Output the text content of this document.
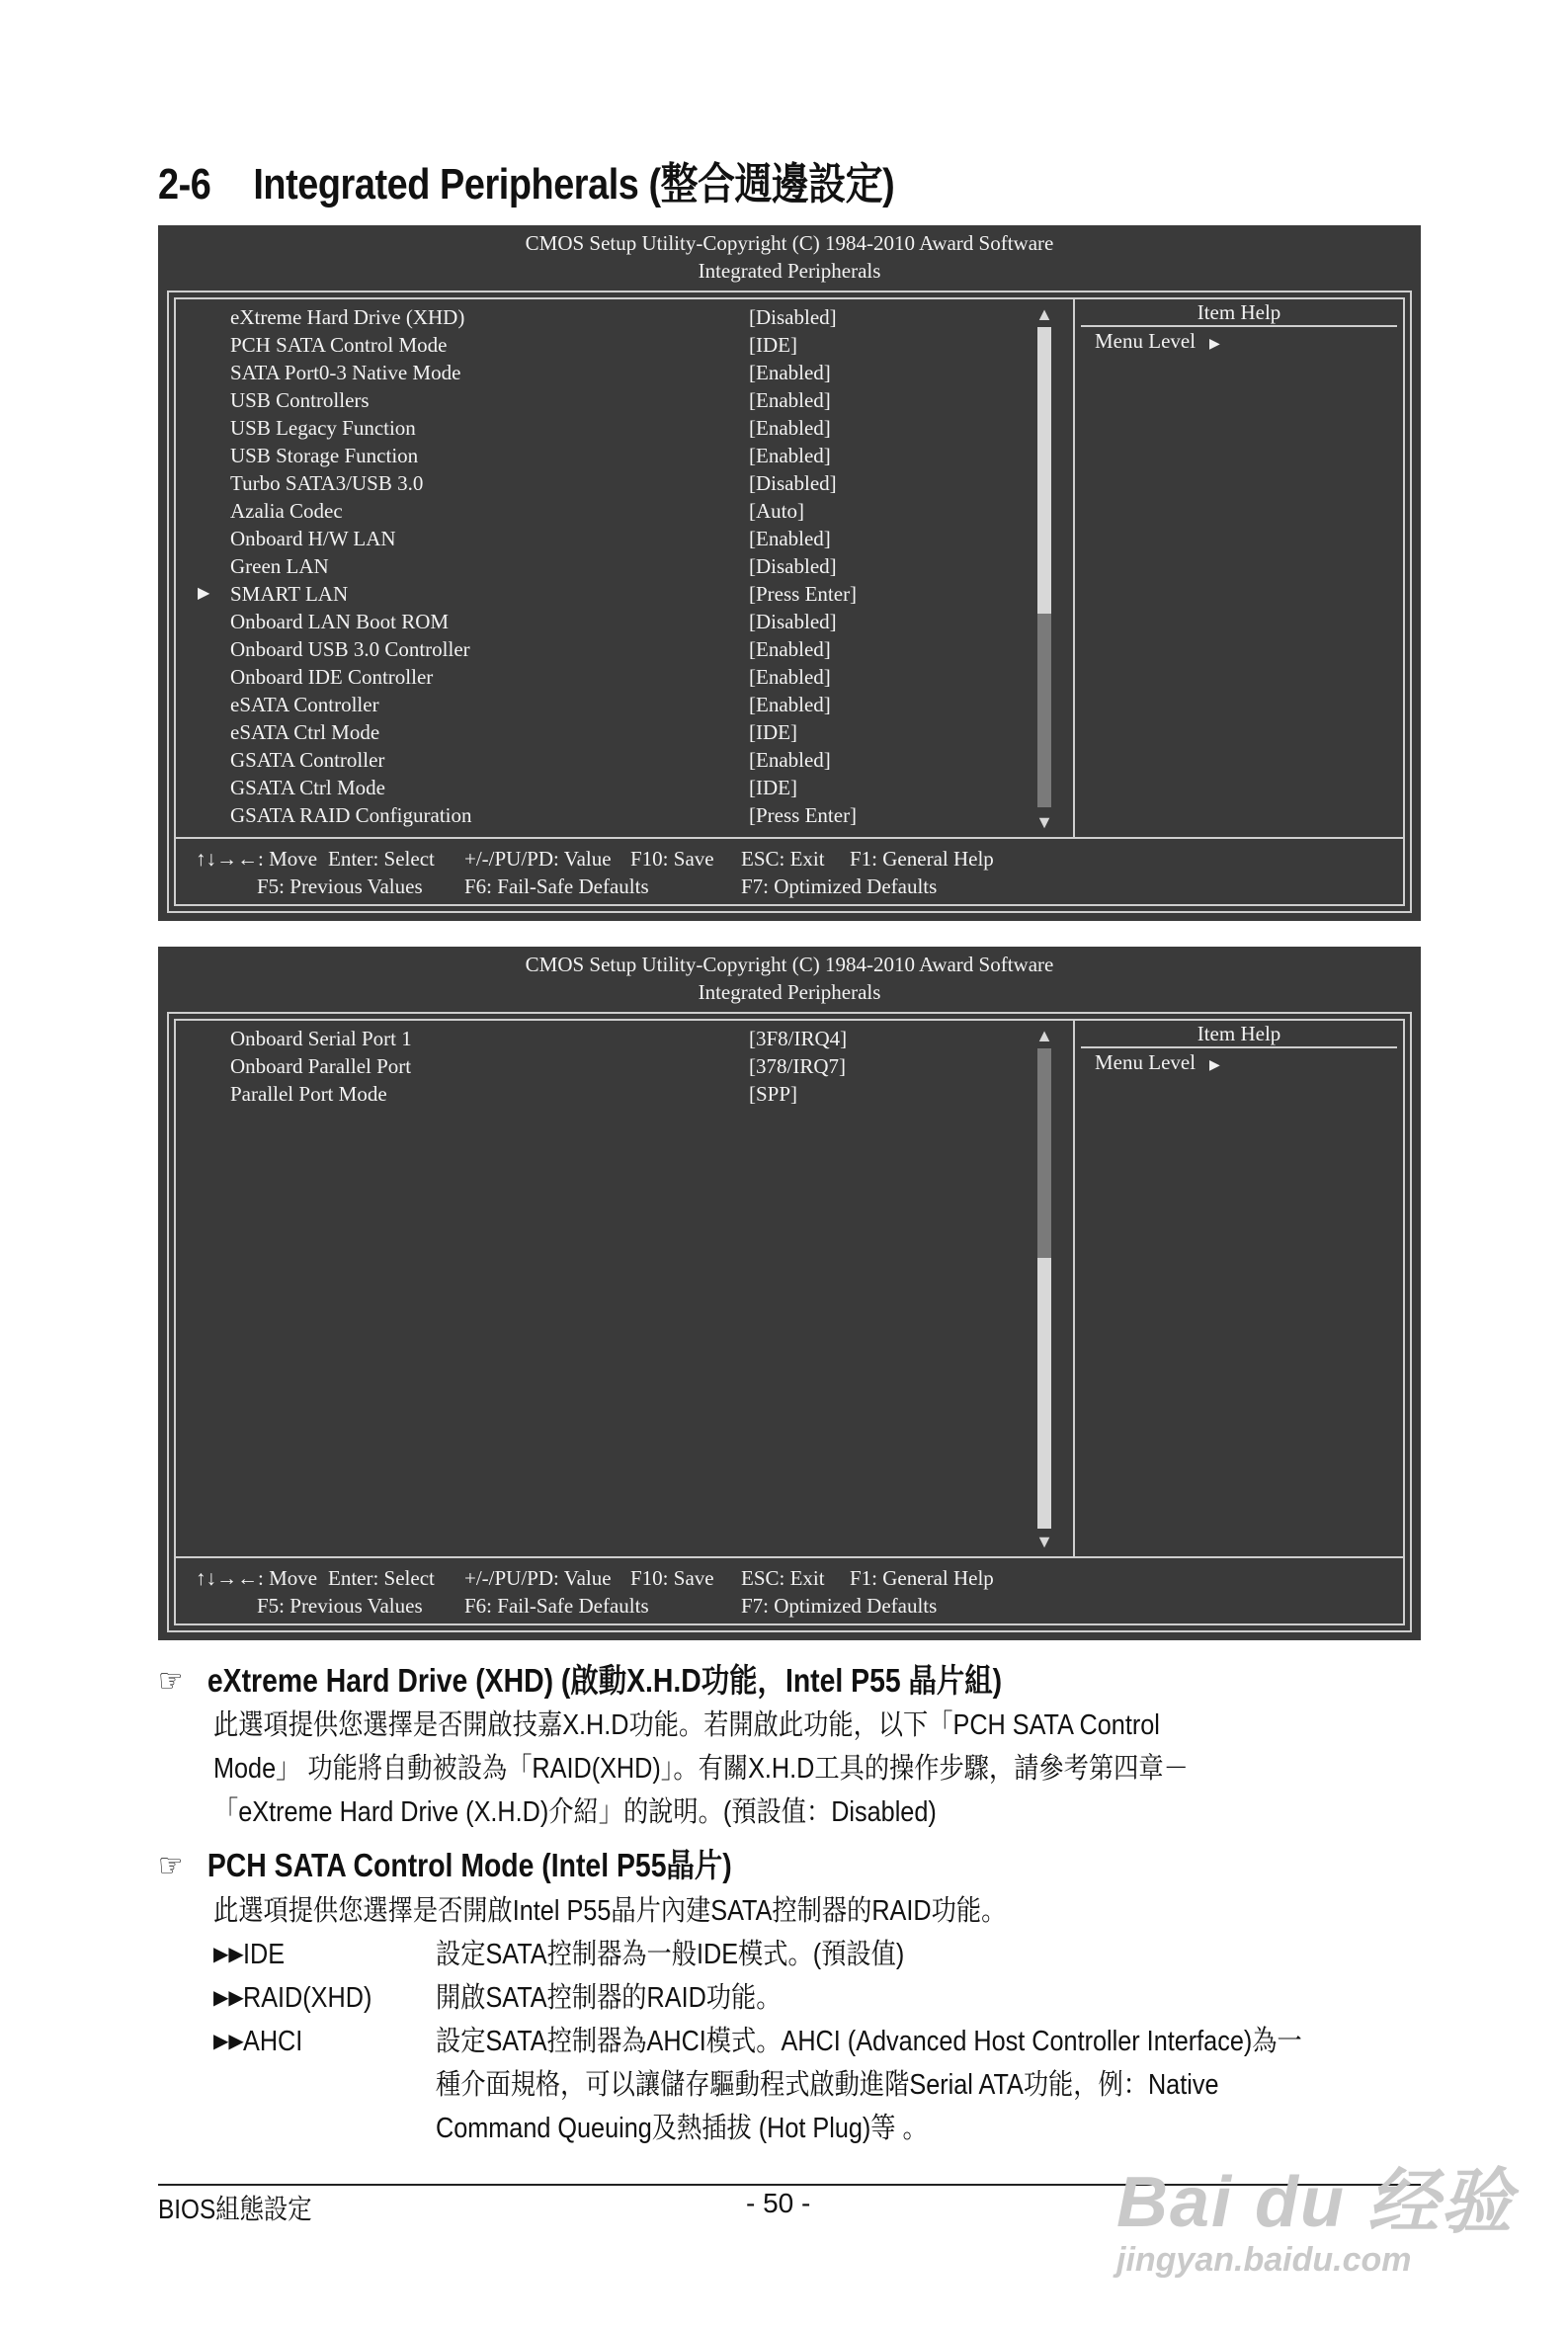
2-6 Integrated Peripherals (整合週邊設定)
CMOS Setup Utility-Copyright (C) 1984-2010 Award Software
Integrated Peripherals
eXtreme Hard Drive (XHD)	[Disabled]
PCH SATA Control Mode	[IDE]
SATA Port0-3 Native Mode	[Enabled]
USB Controllers	[Enabled]
USB Legacy Function	[Enabled]
USB Storage Function	[Enabled]
Turbo SATA3/USB 3.0	[Disabled]
Azalia Codec	[Auto]
Onboard H/W LAN	[Enabled]
Green LAN	[Disabled]
▶ SMART LAN	[Press Enter]
Onboard LAN Boot ROM	[Disabled]
Onboard USB 3.0 Controller	[Enabled]
Onboard IDE Controller	[Enabled]
eSATA Controller	[Enabled]
eSATA Ctrl Mode	[IDE]
GSATA Controller	[Enabled]
GSATA Ctrl Mode	[IDE]
GSATA RAID Configuration	[Press Enter]
▲
▼
Item Help
Menu Level ▶
↑↓→←: Move Enter: Select +/-/PU/PD: Value F10: Save ESC: Exit F1: General Help
F5: Previous Values F6: Fail-Safe Defaults	F7: Optimized Defaults
CMOS Setup Utility-Copyright (C) 1984-2010 Award Software
Integrated Peripherals
Onboard Serial Port 1	[3F8/IRQ4]
Onboard Parallel Port	[378/IRQ7]
Parallel Port Mode	[SPP]
▲
▼
Item Help
Menu Level ▶
↑↓→←: Move Enter: Select +/-/PU/PD: Value F10: Save ESC: Exit F1: General Help
F5: Previous Values F6: Fail-Safe Defaults	F7: Optimized Defaults
☞ eXtreme Hard Drive (XHD) (啟動X.H.D功能，Intel P55 晶片組)
此選項提供您選擇是否開啟技嘉X.H.D功能。若開啟此功能，以下「PCH SATA Control
Mode」 功能將自動被設為「RAID(XHD)」。有關X.H.D工具的操作步驟，請參考第四章－
「eXtreme Hard Drive (X.H.D)介紹」的說明。(預設值：Disabled)
☞ PCH SATA Control Mode (Intel P55晶片)
此選項提供您選擇是否開啟Intel P55晶片內建SATA控制器的RAID功能。
▶▶ IDE	設定SATA控制器為一般IDE模式。(預設值)
▶▶ RAID(XHD) 開啟SATA控制器的RAID功能。
▶▶ AHCI	設定SATA控制器為AHCI模式。AHCI (Advanced Host Controller Interface)為一
種介面規格，可以讓儲存驅動程式啟動進階Serial ATA功能，例：Native
Command Queuing及熱插拔 (Hot Plug)等 。
BIOS組態設定	- 50 -	Bai du 经验
jingyan.baidu.com
